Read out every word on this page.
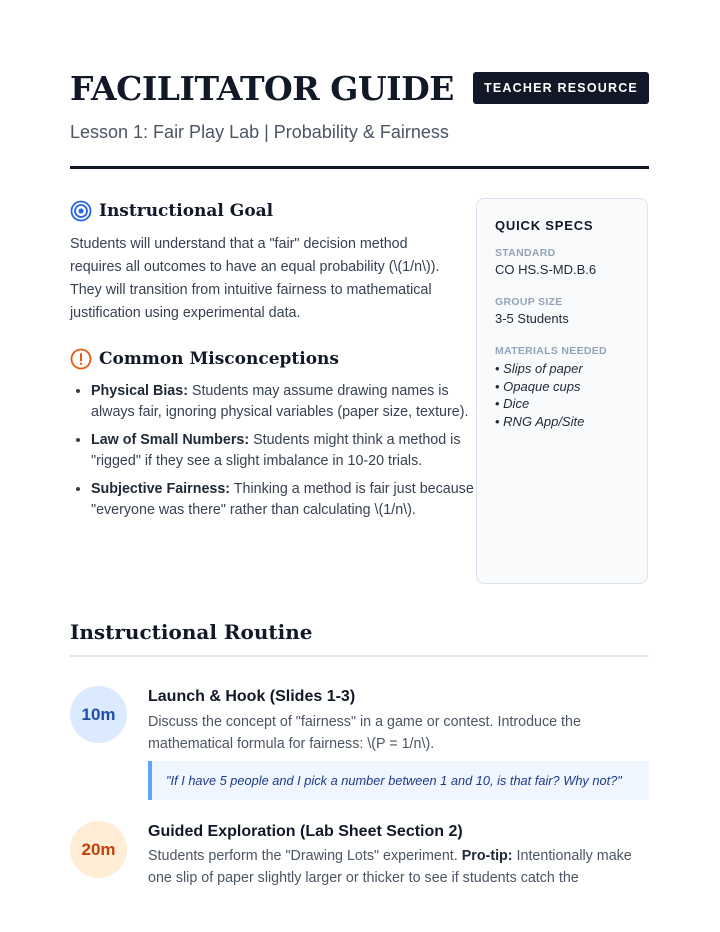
FACILITATOR GUIDE	TEACHER RESOURCE
Lesson 1: Fair Play Lab | Probability & Fairness
Instructional Goal

Students will understand that a "fair" decision method requires all outcomes to have an equal probability (\(1/n\)). They will transition from intuitive fairness to mathematical justification using experimental data.

Common Misconceptions
• Physical Bias: Students may assume drawing names is always fair, ignoring physical variables (paper size, texture).
• Law of Small Numbers: Students might think a method is "rigged" if they see a slight imbalance in 10-20 trials.
• Subjective Fairness: Thinking a method is fair just because "everyone was there" rather than calculating \(1/n\).
QUICK SPECS
STANDARD
CO HS.S-MD.B.6
GROUP SIZE
3-5 Students
MATERIALS NEEDED
• Slips of paper
• Opaque cups
• Dice
• RNG App/Site
Instructional Routine
10m
Launch & Hook (Slides 1-3)

Discuss the concept of "fairness" in a game or contest. Introduce the mathematical formula for fairness: \(P = 1/n\).

"If I have 5 people and I pick a number between 1 and 10, is that fair? Why not?"
20m
Guided Exploration (Lab Sheet Section 2)

Students perform the "Drawing Lots" experiment. Pro-tip: Intentionally make one slip of paper slightly larger or thicker to see if students catch the
